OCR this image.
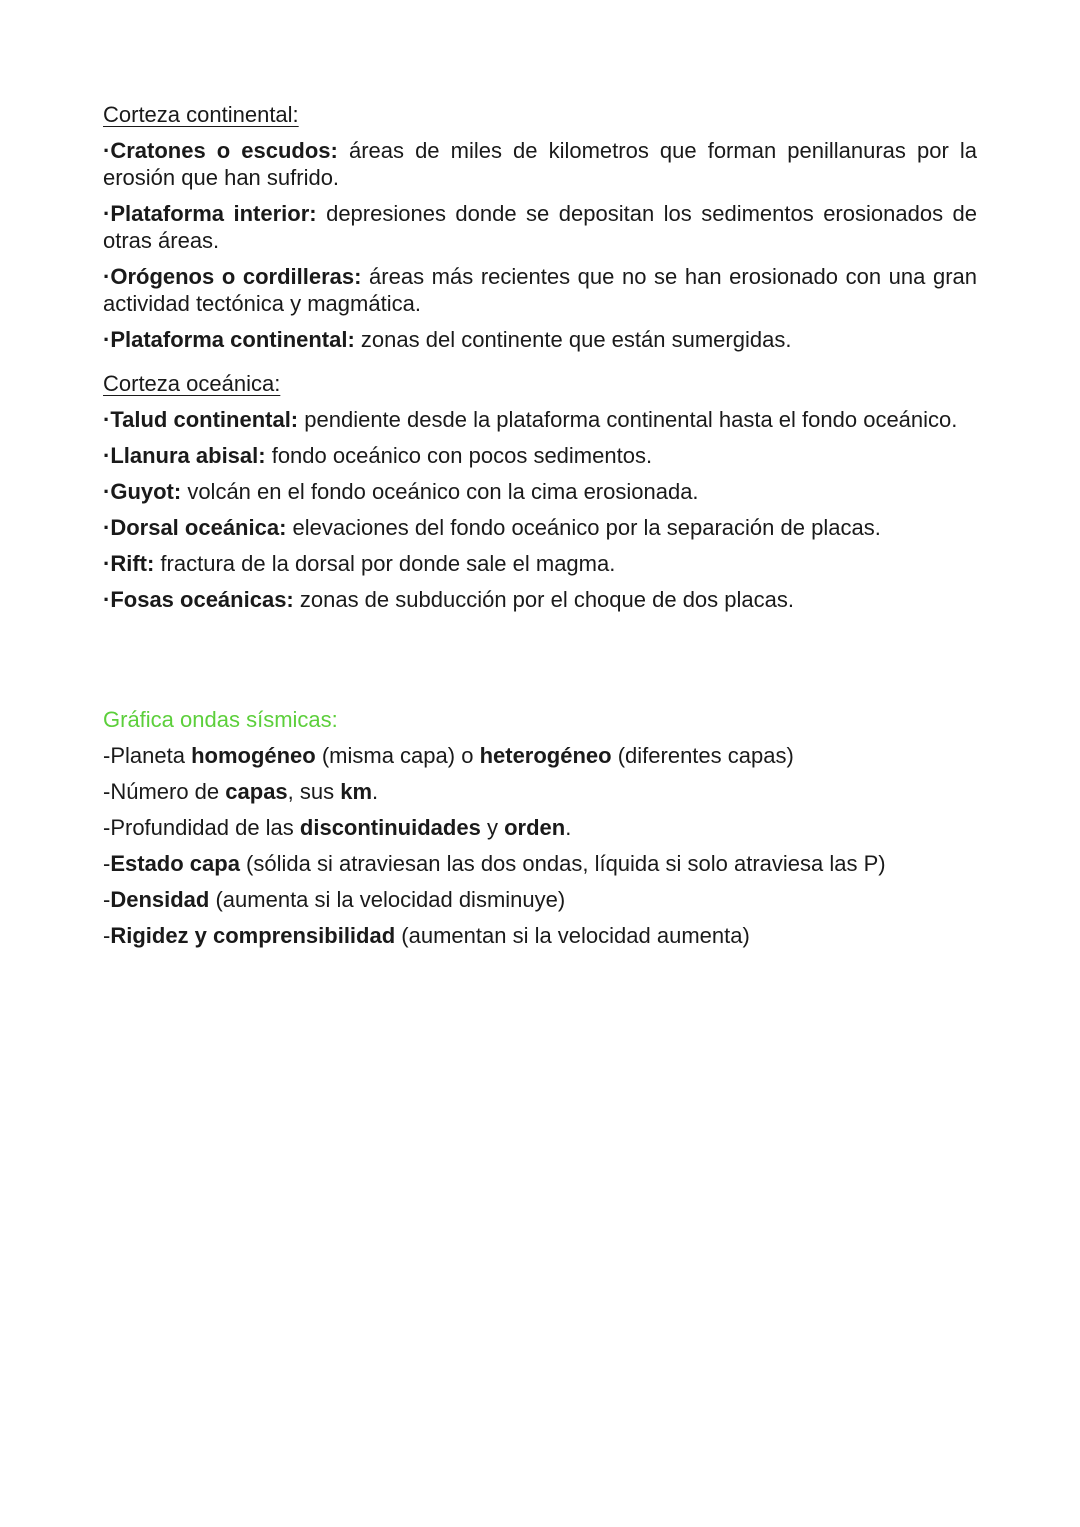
Corteza continental:
·Cratones o escudos: áreas de miles de kilometros que forman penillanuras por la erosión que han sufrido.
·Plataforma interior: depresiones donde se depositan los sedimentos erosionados de otras áreas.
·Orógenos o cordilleras: áreas más recientes que no se han erosionado con una gran actividad tectónica y magmática.
·Plataforma continental: zonas del continente que están sumergidas.
Corteza oceánica:
·Talud continental: pendiente desde la plataforma continental hasta el fondo oceánico.
·Llanura abisal: fondo oceánico con pocos sedimentos.
·Guyot: volcán en el fondo oceánico con la cima erosionada.
·Dorsal oceánica: elevaciones del fondo oceánico por la separación de placas.
·Rift: fractura de la dorsal por donde sale el magma.
·Fosas oceánicas: zonas de subducción por el choque de dos placas.
Gráfica ondas sísmicas:
-Planeta homogéneo (misma capa) o heterogéneo (diferentes capas)
-Número de capas, sus km.
-Profundidad de las discontinuidades y orden.
-Estado capa (sólida si atraviesan las dos ondas, líquida si solo atraviesa las P)
-Densidad (aumenta si la velocidad disminuye)
-Rigidez y comprensibilidad (aumentan si la velocidad aumenta)
